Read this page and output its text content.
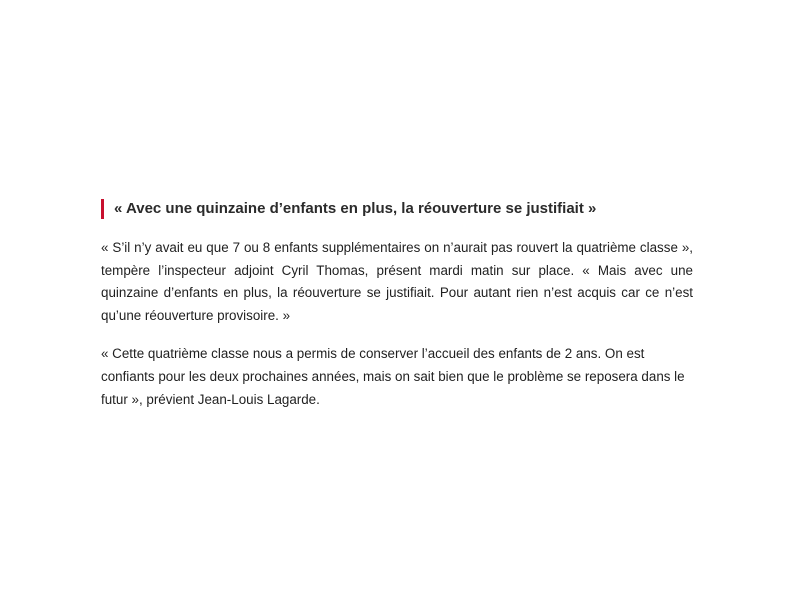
« Avec une quinzaine d’enfants en plus, la réouverture se justifiait »

« S’il n’y avait eu que 7 ou 8 enfants supplémentaires on n’aurait pas rouvert la quatrième classe », tempère l’inspecteur adjoint Cyril Thomas, présent mardi matin sur place. « Mais avec une quinzaine d’enfants en plus, la réouverture se justifiait. Pour autant rien n’est acquis car ce n’est qu’une réouverture provisoire. »

« Cette quatrième classe nous a permis de conserver l’accueil des enfants de 2 ans. On est confiants pour les deux prochaines années, mais on sait bien que le problème se reposera dans le futur », prévient Jean-Louis Lagarde.
